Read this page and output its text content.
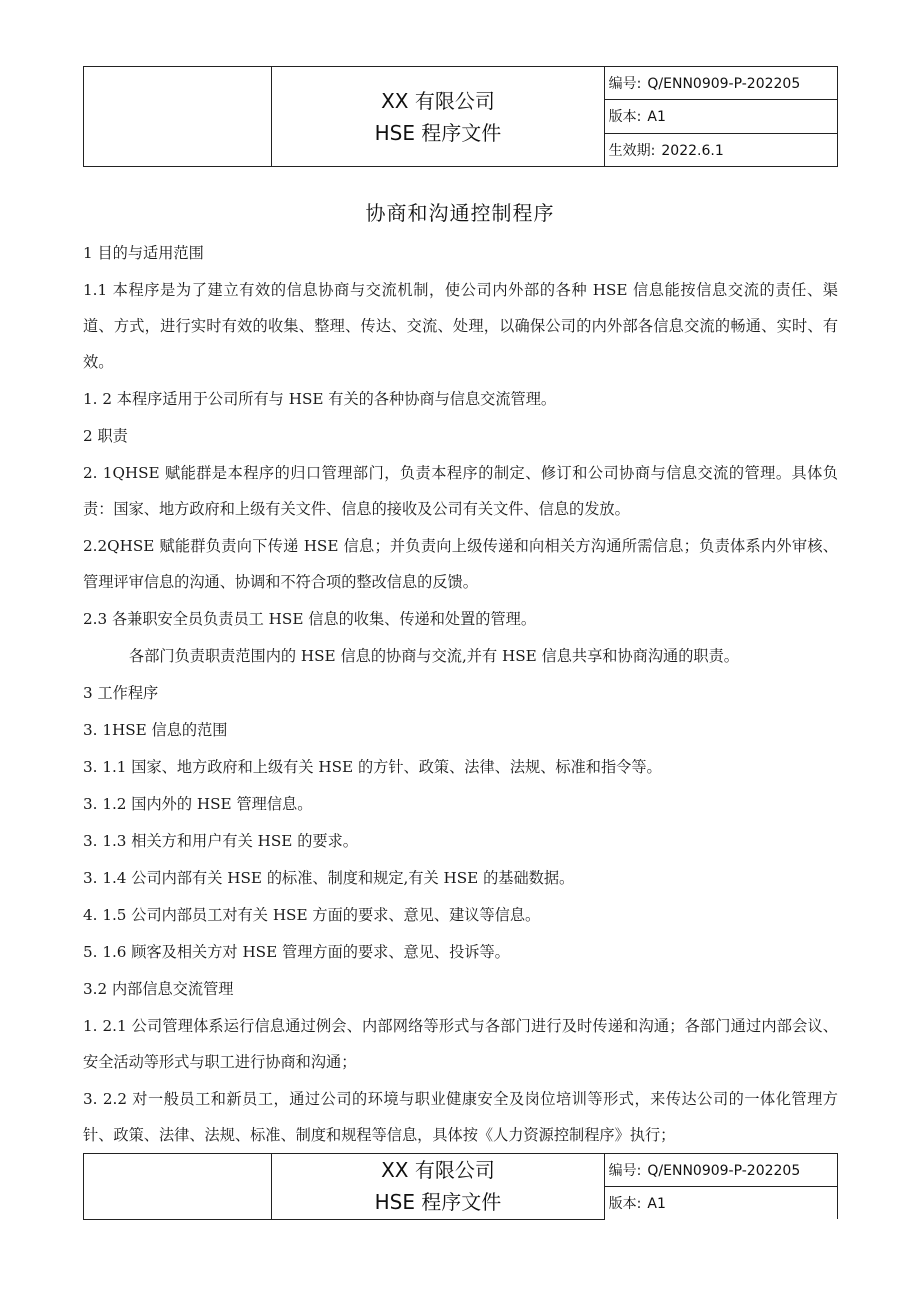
XX 有限公司
HSE 程序文件
	编号: Q/ENN0909-P-202205
版本: A1
生效期: 2022.6.1
协商和沟通控制程序

1 目的与适用范围

1.1 本程序是为了建立有效的信息协商与交流机制，使公司内外部的各种 HSE 信息能按信息交流的责任、渠道、方式，进行实时有效的收集、整理、传达、交流、处理，以确保公司的内外部各信息交流的畅通、实时、有效。

1. 2 本程序适用于公司所有与 HSE 有关的各种协商与信息交流管理。

2 职责

2. 1QHSE 赋能群是本程序的归口管理部门，负责本程序的制定、修订和公司协商与信息交流的管理。具体负责：国家、地方政府和上级有关文件、信息的接收及公司有关文件、信息的发放。

2.2QHSE 赋能群负责向下传递 HSE 信息；并负责向上级传递和向相关方沟通所需信息；负责体系内外审核、管理评审信息的沟通、协调和不符合项的整改信息的反馈。

2.3 各兼职安全员负责员工 HSE 信息的收集、传递和处置的管理。

各部门负责职责范围内的 HSE 信息的协商与交流,并有 HSE 信息共享和协商沟通的职责。

3 工作程序

3. 1HSE 信息的范围

3. 1.1 国家、地方政府和上级有关 HSE 的方针、政策、法律、法规、标准和指令等。

3. 1.2 国内外的 HSE 管理信息。

3. 1.3 相关方和用户有关 HSE 的要求。

3. 1.4 公司内部有关 HSE 的标准、制度和规定,有关 HSE 的基础数据。

4. 1.5 公司内部员工对有关 HSE 方面的要求、意见、建议等信息。

5. 1.6 顾客及相关方对 HSE 管理方面的要求、意见、投诉等。

3.2 内部信息交流管理

1. 2.1 公司管理体系运行信息通过例会、内部网络等形式与各部门进行及时传递和沟通；各部门通过内部会议、安全活动等形式与职工进行协商和沟通；

3. 2.2 对一般员工和新员工，通过公司的环境与职业健康安全及岗位培训等形式，来传达公司的一体化管理方针、政策、法律、法规、标准、制度和规程等信息，具体按《人力资源控制程序》执行；

XX 有限公司
HSE 程序文件
	编号: Q/ENN0909-P-202205
版本: A1
